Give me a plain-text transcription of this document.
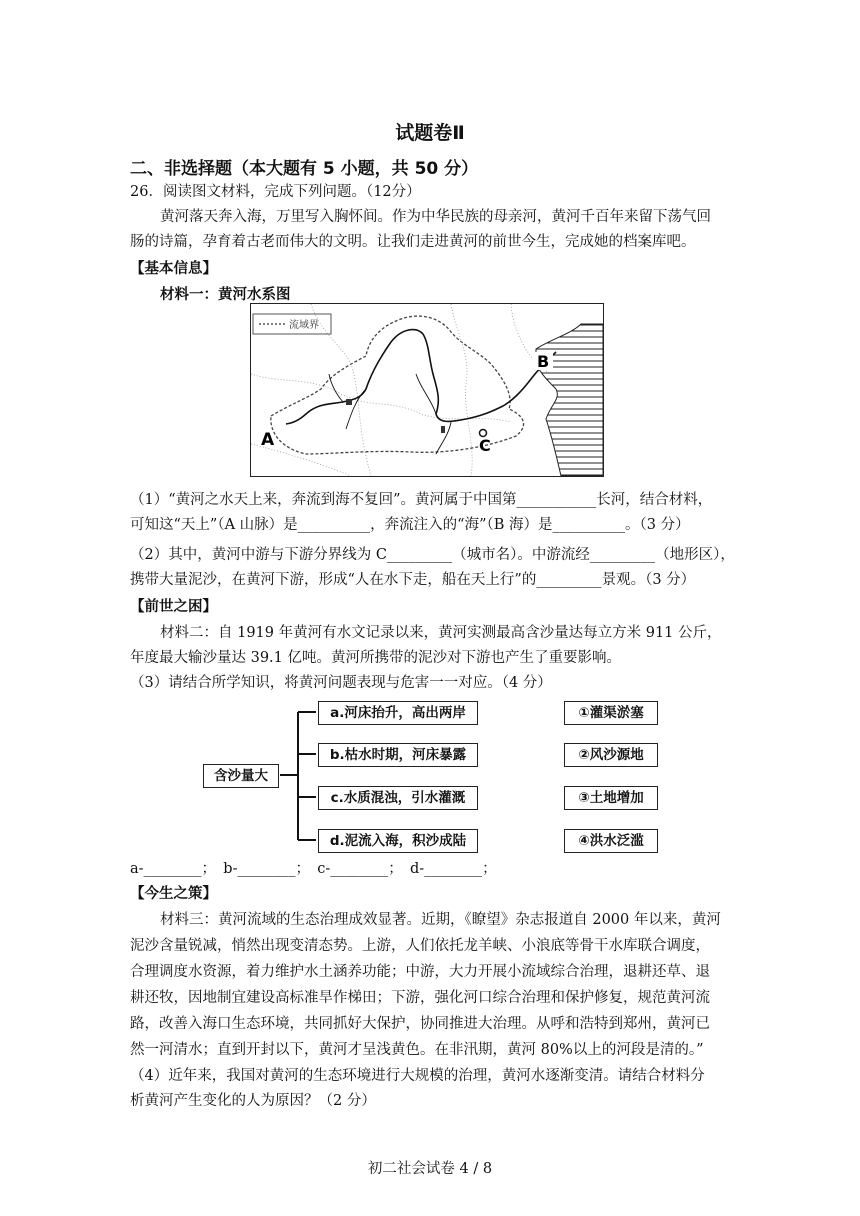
试题卷Ⅱ
二、非选择题（本大题有 5 小题，共 50 分）
26．阅读图文材料，完成下列问题。（12分）
黄河落天奔入海，万里写入胸怀间。作为中华民族的母亲河，黄河千百年来留下荡气回
肠的诗篇，孕育着古老而伟大的文明。让我们走进黄河的前世今生，完成她的档案库吧。
【基本信息】
材料一：黄河水系图
流域界
B
A	C
（1）“黄河之水天上来，奔流到海不复回”。黄河属于中国第___________长河，结合材料，
可知这“天上”（A 山脉）是__________，奔流注入的“海”（B 海）是__________。（3 分）
（2）其中，黄河中游与下游分界线为 C_________（城市名）。中游流经_________（地形区），
携带大量泥沙，在黄河下游，形成“人在水下走，船在天上行”的_________景观。（3 分）
【前世之困】
材料二：自 1919 年黄河有水文记录以来，黄河实测最高含沙量达每立方米 911 公斤，
年度最大输沙量达 39.1 亿吨。黄河所携带的泥沙对下游也产生了重要影响。
（3）请结合所学知识，将黄河问题表现与危害一一对应。（4 分）
含沙量大
a.河床抬升，高出两岸
b.枯水时期，河床暴露
c.水质混浊，引水灌溉
d.泥流入海，积沙成陆
①灌渠淤塞
②风沙源地
③土地增加
④洪水泛滥
a-________；　b-________；　c-________；　d-________；
【今生之策】
材料三：黄河流域的生态治理成效显著。近期，《瞭望》杂志报道自 2000 年以来，黄河
泥沙含量锐减，悄然出现变清态势。上游，人们依托龙羊峡、小浪底等骨干水库联合调度，
合理调度水资源，着力维护水土涵养功能；中游，大力开展小流域综合治理，退耕还草、退
耕还牧，因地制宜建设高标准旱作梯田；下游，强化河口综合治理和保护修复，规范黄河流
路，改善入海口生态环境，共同抓好大保护，协同推进大治理。从呼和浩特到郑州，黄河已
然一河清水；直到开封以下，黄河才呈浅黄色。在非汛期，黄河 80%以上的河段是清的。”
（4）近年来，我国对黄河的生态环境进行大规模的治理，黄河水逐渐变清。请结合材料分
析黄河产生变化的人为原因？（2 分）
初二社会试卷 4 / 8
